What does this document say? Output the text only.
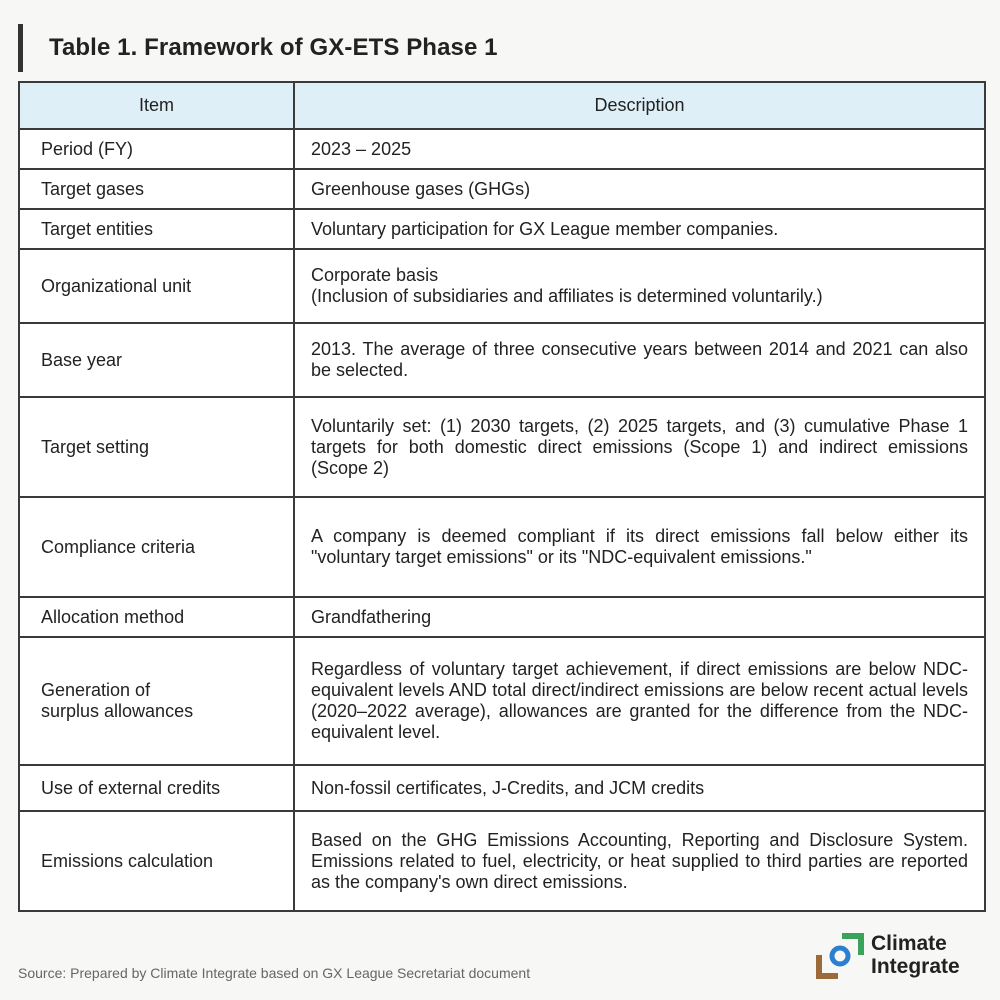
Table 1. Framework of GX-ETS Phase 1
Item	Description
Period (FY)	2023 – 2025
Target gases	Greenhouse gases (GHGs)
Target entities	Voluntary participation for GX League member companies.
Organizational unit	Corporate basis
(Inclusion of subsidiaries and affiliates is determined voluntarily.)
Base year	2013. The average of three consecutive years between 2014 and 2021 can also be selected.
Target setting	Voluntarily set: (1) 2030 targets, (2) 2025 targets, and (3) cumulative Phase 1 targets for both domestic direct emissions (Scope 1) and indirect emissions (Scope 2)
Compliance criteria	A company is deemed compliant if its direct emissions fall below either its "voluntary target emissions" or its "NDC-equivalent emissions."
Allocation method	Grandfathering
Generation of
surplus allowances	Regardless of voluntary target achievement, if direct emissions are below NDC-equivalent levels AND total direct/indirect emissions are below recent actual levels (2020–2022 average), allowances are granted for the difference from the NDC-equivalent level.
Use of external credits	Non-fossil certificates, J-Credits, and JCM credits
Emissions calculation	Based on the GHG Emissions Accounting, Reporting and Disclosure System. Emissions related to fuel, electricity, or heat supplied to third parties are reported as the company's own direct emissions.
Source: Prepared by Climate Integrate based on GX League Secretariat document
Climate
Integrate
